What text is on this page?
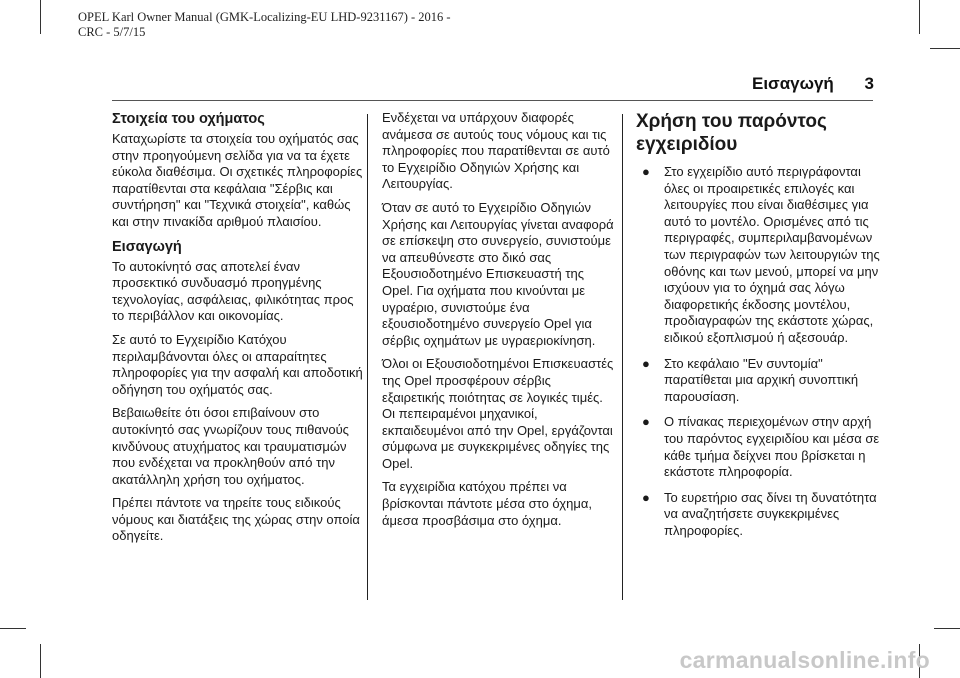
OPEL Karl Owner Manual (GMK-Localizing-EU LHD-9231167) - 2016 -
CRC - 5/7/15
Εισαγωγή 3
Στοιχεία του οχήματος

Καταχωρίστε τα στοιχεία του οχήματός σας στην προηγούμενη σελίδα για να τα έχετε εύκολα διαθέσιμα. Οι σχετικές πληροφορίες παρατίθενται στα κεφάλαια "Σέρβις και συντήρηση" και "Τεχνικά στοιχεία", καθώς και στην πινακίδα αριθμού πλαισίου.

Εισαγωγή

Το αυτοκίνητό σας αποτελεί έναν προσεκτικό συνδυασμό προηγμένης τεχνολογίας, ασφάλειας, φιλικότητας προς το περιβάλλον και οικονομίας.

Σε αυτό το Εγχειρίδιο Κατόχου περιλαμβάνονται όλες οι απαραίτητες πληροφορίες για την ασφαλή και αποδοτική οδήγηση του οχήματός σας.

Βεβαιωθείτε ότι όσοι επιβαίνουν στο αυτοκίνητό σας γνωρίζουν τους πιθανούς κινδύνους ατυχήματος και τραυματισμών που ενδέχεται να προκληθούν από την ακατάλληλη χρήση του οχήματος.

Πρέπει πάντοτε να τηρείτε τους ειδικούς νόμους και διατάξεις της χώρας στην οποία οδηγείτε.

Ενδέχεται να υπάρχουν διαφορές ανάμεσα σε αυτούς τους νόμους και τις πληροφορίες που παρατίθενται σε αυτό το Εγχειρίδιο Οδηγιών Χρήσης και Λειτουργίας.

Όταν σε αυτό το Εγχειρίδιο Οδηγιών Χρήσης και Λειτουργίας γίνεται αναφορά σε επίσκεψη στο συνεργείο, συνιστούμε να απευθύνεστε στο δικό σας Εξουσιοδοτημένο Επισκευαστή της Opel. Για οχήματα που κινούνται με υγραέριο, συνιστούμε ένα εξουσιοδοτημένο συνεργείο Opel για σέρβις οχημάτων με υγραεριοκίνηση.

Όλοι οι Εξουσιοδοτημένοι Επισκευαστές της Opel προσφέρουν σέρβις εξαιρετικής ποιότητας σε λογικές τιμές. Οι πεπειραμένοι μηχανικοί, εκπαιδευμένοι από την Opel, εργάζονται σύμφωνα με συγκεκριμένες οδηγίες της Opel.

Τα εγχειρίδια κατόχου πρέπει να βρίσκονται πάντοτε μέσα στο όχημα, άμεσα προσβάσιμα στο όχημα.

Χρήση του παρόντος εγχειριδίου
● Στο εγχειρίδιο αυτό περιγράφονται όλες οι προαιρετικές επιλογές και λειτουργίες που είναι διαθέσιμες για αυτό το μοντέλο. Ορισμένες από τις περιγραφές, συμπεριλαμβανομένων των περιγραφών των λειτουργιών της οθόνης και των μενού, μπορεί να μην ισχύουν για το όχημά σας λόγω διαφορετικής έκδοσης μοντέλου, προδιαγραφών της εκάστοτε χώρας, ειδικού εξοπλισμού ή αξεσουάρ.
● Στο κεφάλαιο "Εν συντομία" παρατίθεται μια αρχική συνοπτική παρουσίαση.
● Ο πίνακας περιεχομένων στην αρχή του παρόντος εγχειριδίου και μέσα σε κάθε τμήμα δείχνει που βρίσκεται η εκάστοτε πληροφορία.
● Το ευρετήριο σας δίνει τη δυνατότητα να αναζητήσετε συγκεκριμένες πληροφορίες.
carmanualsonline.info
